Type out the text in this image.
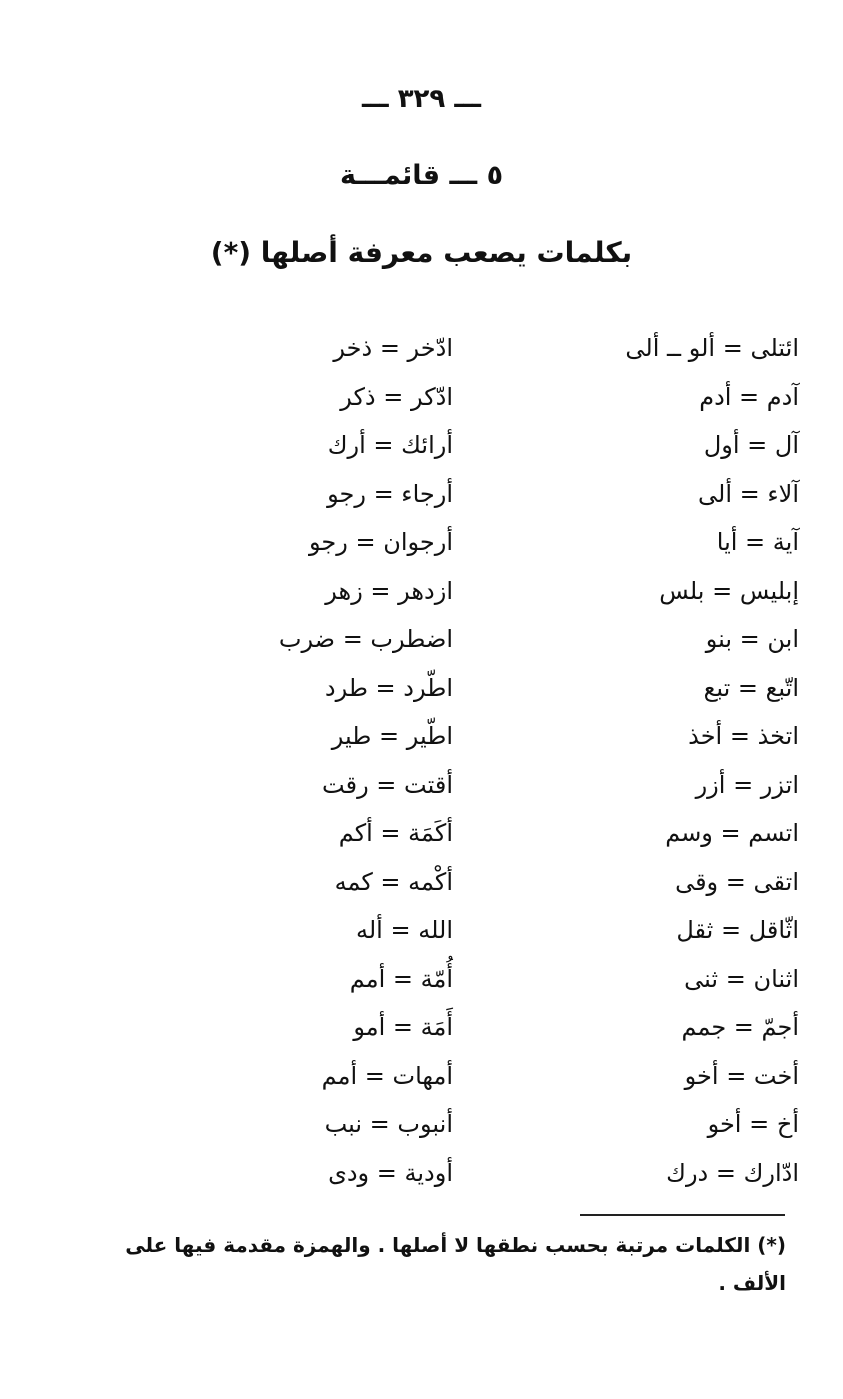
ـــ ٣٢٩ ـــ
٥ ـــ قائمـــة
بكلمات يصعب معرفة أصلها (*)
ائتلى = ألو ــ ألى
آدم = أدم
آل = أول
آلاء = ألى
آية = أيا
إبليس = بلس
ابن = بنو
اتّبع = تبع
اتخذ = أخذ
اتزر = أزر
اتسم = وسم
اتقى = وقى
اثّاقل = ثقل
اثنان = ثنى
أجمّ = جمم
أخت = أخو
أخ = أخو
ادّارك = درك
ادّخر = ذخر
ادّكر = ذكر
أرائك = أرك
أرجاء = رجو
أرجوان = رجو
ازدهر = زهر
اضطرب = ضرب
اطّرد = طرد
اطّير = طير
أقتت = رقت
أكَمَة = أكم
أكْمه = كمه
الله = أله
أُمّة = أمم
أَمَة = أمو
أمهات = أمم
أنبوب = نبب
أودية = ودى
(*) الكلمات مرتبة بحسب نطقها لا أصلها . والهمزة مقدمة فيها على الألف .
